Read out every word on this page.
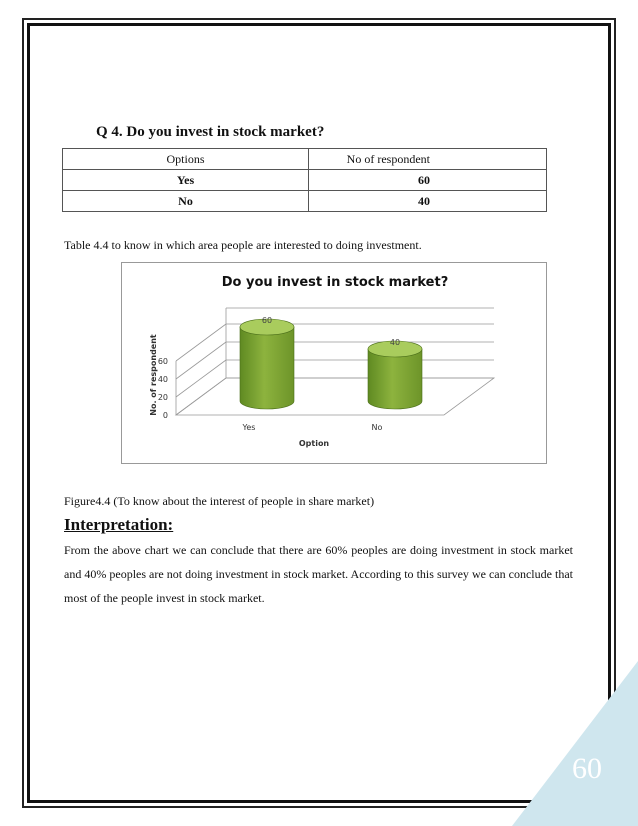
Q 4. Do you invest in stock market?
Options	No of respondent
Yes	60
No	40
Table 4.4 to know in which area people are interested to doing investment.
0
20
40
60
60
Yes
40
No
Do you invest in stock market?
Option
No. of respondent
Figure4.4 (To know about the interest of people in share market)
Interpretation:
From the above chart we can conclude that there are 60% peoples are doing investment in stock market and 40% peoples are not doing investment in stock market. According to this survey we can conclude that most of the people invest in stock market.
60
